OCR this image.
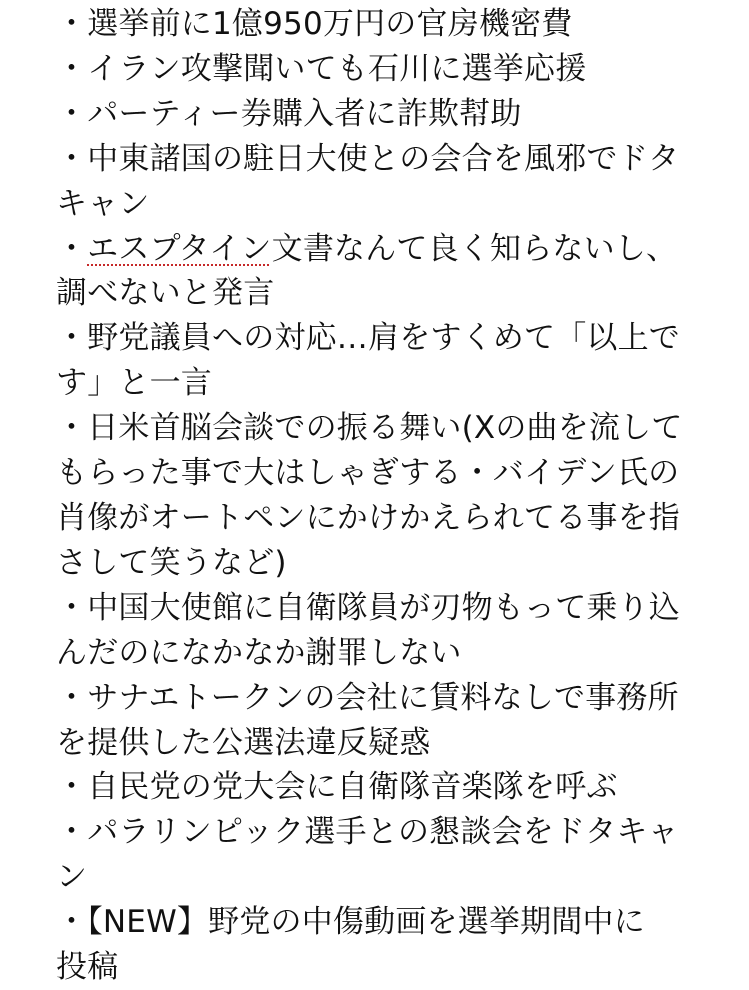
・選挙前に1億950万円の官房機密費
・イラン攻撃聞いても石川に選挙応援
・パーティー券購入者に詐欺幇助
・中東諸国の駐日大使との会合を風邪でドタ
キャン
・エスプタイン文書なんて良く知らないし、
調べないと発言
・野党議員への対応…肩をすくめて「以上で
す」と一言
・日米首脳会談での振る舞い(Xの曲を流して
もらった事で大はしゃぎする・バイデン氏の
肖像がオートペンにかけかえられてる事を指
さして笑うなど)
・中国大使館に自衛隊員が刃物もって乗り込
んだのになかなか謝罪しない
・サナエトークンの会社に賃料なしで事務所
を提供した公選法違反疑惑
・自民党の党大会に自衛隊音楽隊を呼ぶ
・パラリンピック選手との懇談会をドタキャ
ン
・【NEW】野党の中傷動画を選挙期間中に
投稿
